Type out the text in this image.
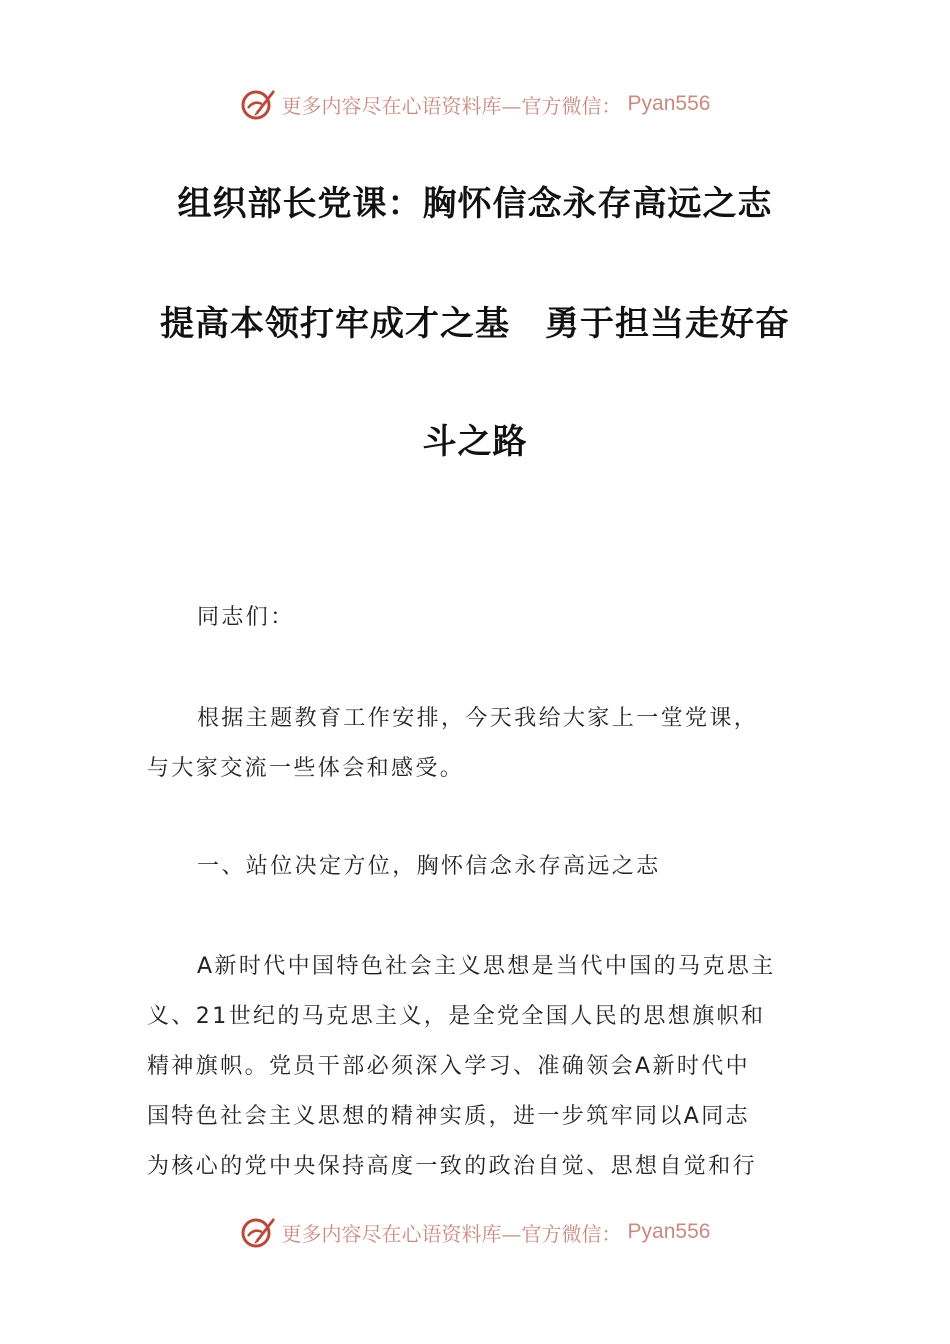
更多内容尽在心语资料库—官方微信： Pyan556
组织部长党课：胸怀信念永存高远之志
提高本领打牢成才之基　勇于担当走好奋
斗之路
同志们：
根据主题教育工作安排，今天我给大家上一堂党课，
与大家交流一些体会和感受。
一、站位决定方位，胸怀信念永存高远之志
A新时代中国特色社会主义思想是当代中国的马克思主
义、21世纪的马克思主义，是全党全国人民的思想旗帜和
精神旗帜。党员干部必须深入学习、准确领会A新时代中
国特色社会主义思想的精神实质，进一步筑牢同以A同志
为核心的党中央保持高度一致的政治自觉、思想自觉和行
更多内容尽在心语资料库—官方微信： Pyan556
